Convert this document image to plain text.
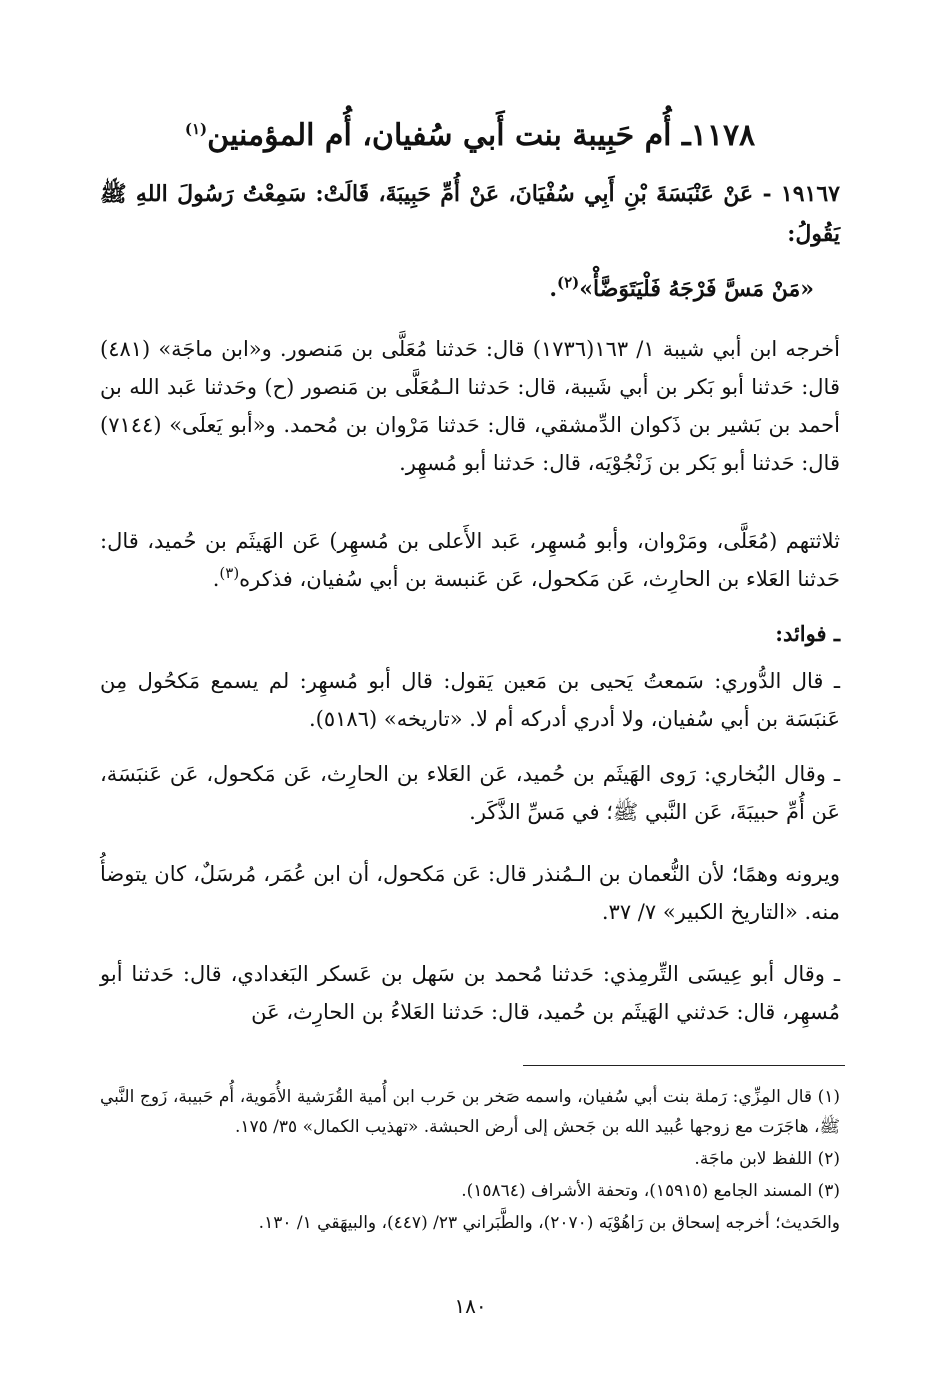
١١٧٨ـ أُم حَبِيبة بنت أَبي سُفيان، أُم المؤمنين$^{(١)}$

١٩١٦٧ - عَنْ عَنْبَسَةَ بْنِ أَبِي سُفْيَانَ، عَنْ أُمِّ حَبِيبَةَ، قَالَتْ: سَمِعْتُ رَسُولَ اللهِ ﷺ يَقُولُ:

«مَنْ مَسَّ فَرْجَهُ فَلْيَتَوَضَّأْ»$^{(٢)}$.

أخرجه ابن أبي شيبة ١/ ١٦٣(١٧٣٦) قال: حَدثنا مُعَلَّى بن مَنصور. و«ابن ماجَة» (٤٨١) قال: حَدثنا أبو بَكر بن أبي شَيبة، قال: حَدثنا الـمُعَلَّى بن مَنصور (ح) وحَدثنا عَبد الله بن أحمد بن بَشير بن ذَكوان الدِّمشقي، قال: حَدثنا مَرْوان بن مُحمد. و«أبو يَعلَى» (٧١٤٤) قال: حَدثنا أبو بَكر بن زَنْجُوْيَه، قال: حَدثنا أبو مُسهِر.

ثلاثتهم (مُعَلَّى، ومَرْوان، وأبو مُسهِر، عَبد الأَعلى بن مُسهِر) عَن الهَيثَم بن حُميد، قال: حَدثنا العَلاء بن الحارِث، عَن مَكحول، عَن عَنبسة بن أبي سُفيان، فذكره$^{(٣)}$.

ـ فوائد:

ـ قال الدُّوري: سَمعتُ يَحيى بن مَعين يَقول: قال أبو مُسهِر: لم يسمع مَكحُول مِن عَنبَسَة بن أبي سُفيان، ولا أدري أدركه أم لا. «تاريخه» (٥١٨٦).

ـ وقال البُخاري: رَوى الهَيثَم بن حُميد، عَن العَلاء بن الحارِث، عَن مَكحول، عَن عَنبَسَة، عَن أُمِّ حبيبَةَ، عَن النَّبي ﷺ؛ في مَسِّ الذَّكَر.

ويرونه وهمًا؛ لأن النُّعمان بن الـمُنذر قال: عَن مَكحول، أن ابن عُمَر، مُرسَلٌ، كان يتوضأُ منه. «التاريخ الكبير» ٧/ ٣٧.

ـ وقال أبو عِيسَى التِّرمِذي: حَدثنا مُحمد بن سَهل بن عَسكر البَغدادي، قال: حَدثنا أبو مُسهِر، قال: حَدثني الهَيثَم بن حُميد، قال: حَدثنا العَلاءُ بن الحارِث، عَن

(١) قال المِزِّي: رَملة بنت أبي سُفيان، واسمه صَخر بن حَرب ابن أُمية القُرَشية الأُمَوية، أُم حَبيبة، زَوج النَّبي ﷺ، هاجَرَت مع زوجها عُبيد الله بن جَحش إلى أرض الحبشة. «تهذيب الكمال» ٣٥/ ١٧٥.

(٢) اللفظ لابن ماجَة.

(٣) المسند الجامع (١٥٩١٥)، وتحفة الأشراف (١٥٨٦٤).

والحَديث؛ أخرجه إسحاق بن رَاهُوْيَه (٢٠٧٠)، والطَّبَراني ٢٣/ (٤٤٧)، والبيهَقي ١/ ١٣٠.

١٨٠
